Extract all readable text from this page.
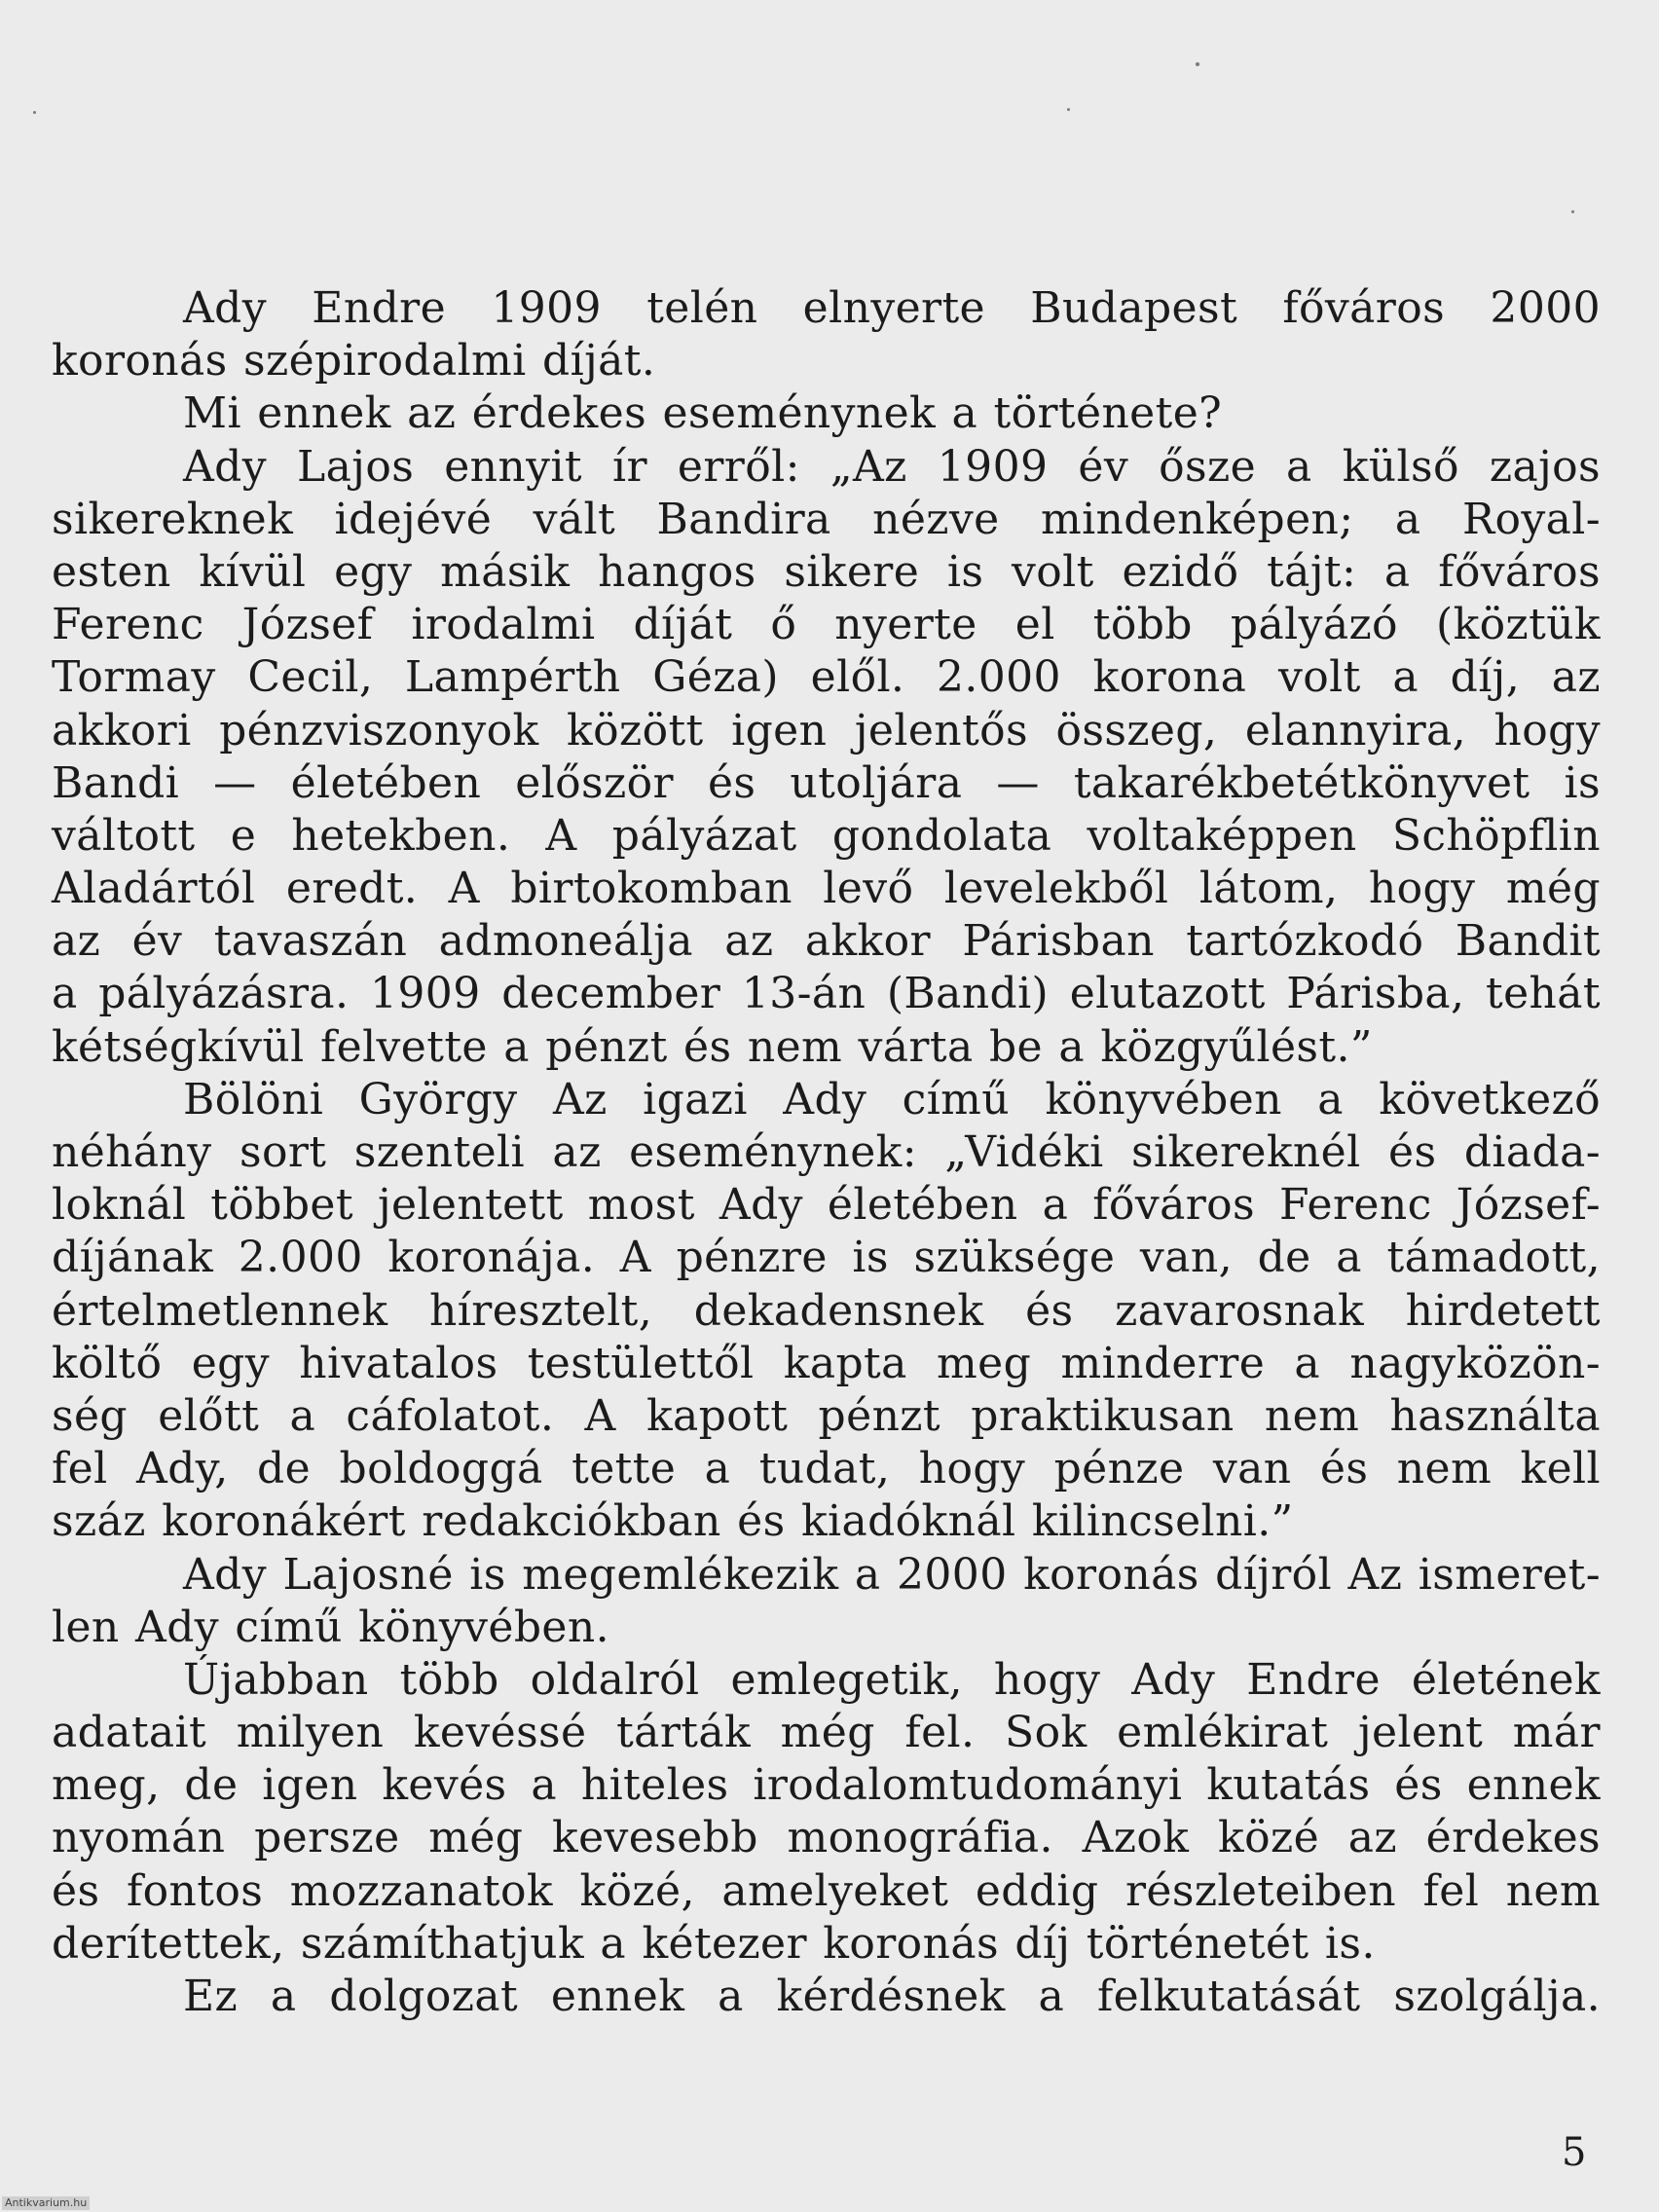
Ady Endre 1909 telén elnyerte Budapest főváros 2000
koronás szépirodalmi díját.
Mi ennek az érdekes eseménynek a története?
Ady Lajos ennyit ír erről: „Az 1909 év ősze a külső zajos
sikereknek idejévé vált Bandira nézve mindenképen; a Royal-
esten kívül egy másik hangos sikere is volt ezidő tájt: a főváros
Ferenc József irodalmi díját ő nyerte el több pályázó (köztük
Tormay Cecil, Lampérth Géza) elől. 2.000 korona volt a díj, az
akkori pénzviszonyok között igen jelentős összeg, elannyira, hogy
Bandi — életében először és utoljára — takarékbetétkönyvet is
váltott e hetekben. A pályázat gondolata voltaképpen Schöpflin
Aladártól eredt. A birtokomban levő levelekből látom, hogy még
az év tavaszán admoneálja az akkor Párisban tartózkodó Bandit
a pályázásra. 1909 december 13-án (Bandi) elutazott Párisba, tehát
kétségkívül felvette a pénzt és nem várta be a közgyűlést.”
Bölöni György Az igazi Ady című könyvében a következő
néhány sort szenteli az eseménynek: „Vidéki sikereknél és diada-
loknál többet jelentett most Ady életében a főváros Ferenc József-
díjának 2.000 koronája. A pénzre is szüksége van, de a támadott,
értelmetlennek híresztelt, dekadensnek és zavarosnak hirdetett
költő egy hivatalos testülettől kapta meg minderre a nagyközön-
ség előtt a cáfolatot. A kapott pénzt praktikusan nem használta
fel Ady, de boldoggá tette a tudat, hogy pénze van és nem kell
száz koronákért redakciókban és kiadóknál kilincselni.”
Ady Lajosné is megemlékezik a 2000 koronás díjról Az ismeret-
len Ady című könyvében.
Újabban több oldalról emlegetik, hogy Ady Endre életének
adatait milyen kevéssé tárták még fel. Sok emlékirat jelent már
meg, de igen kevés a hiteles irodalomtudományi kutatás és ennek
nyomán persze még kevesebb monográfia. Azok közé az érdekes
és fontos mozzanatok közé, amelyeket eddig részleteiben fel nem
derítettek, számíthatjuk a kétezer koronás díj történetét is.
Ez a dolgozat ennek a kérdésnek a felkutatását szolgálja.
5
Antikvarium.hu
